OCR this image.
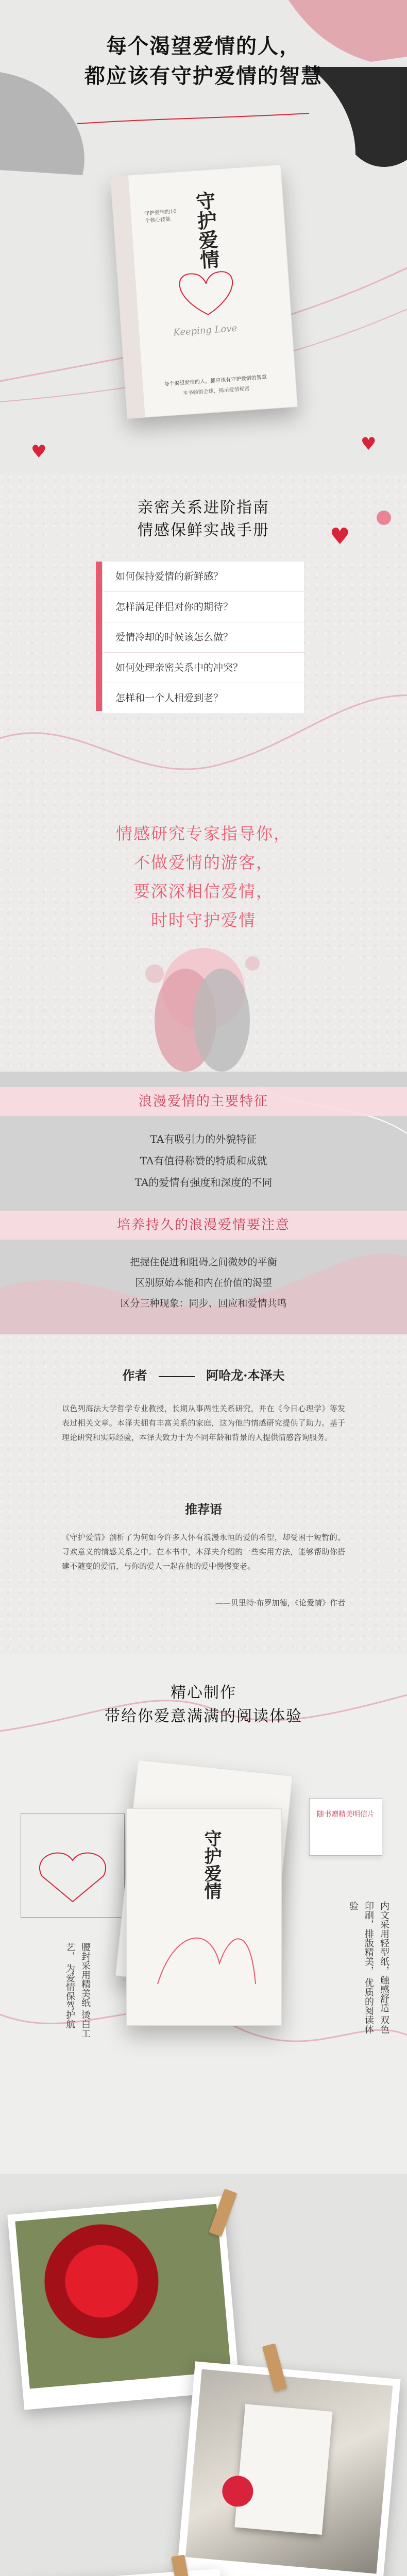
每个渴望爱情的人，
都应该有守护爱情的智慧
守护爱情
守护爱情的10个核心技能
Keeping Love
每个渴望爱情的人，都应该有守护爱情的智慧
本书畅销全球，揭示爱情秘密
♥	♥
亲密关系进阶指南
情感保鲜实战手册	♥
如何保持爱情的新鲜感？
怎样满足伴侣对你的期待？
爱情冷却的时候该怎么做？
如何处理亲密关系中的冲突？
怎样和一个人相爱到老？
情感研究专家指导你，
不做爱情的游客，
要深深相信爱情，
时时守护爱情
浪漫爱情的主要特征
TA有吸引力的外貌特征
TA有值得称赞的特质和成就
TA的爱情有强度和深度的不同
培养持久的浪漫爱情要注意
把握住促进和阻碍之间微妙的平衡
区别原始本能和内在价值的渴望
区分三种现象：同步、回应和爱情共鸣
作者	阿哈龙·本泽夫
以色列海法大学哲学专业教授，长期从事两性关系研究，并在《今日心理学》等发表过相关文章。本泽夫拥有丰富关系的家庭，这为他的情感研究提供了助力。基于理论研究和实际经验，本泽夫致力于为不同年龄和背景的人提供情感咨询服务。
推荐语
《守护爱情》剖析了为何如今许多人怀有浪漫永恒的爱的希望，却受困于短暂的、寻欢意义的情感关系之中。在本书中，本泽夫介绍的一些实用方法，能够帮助你搭建不随变的爱情，与你的爱人一起在他的爱中慢慢变老。
——贝里特·布罗加德，《论爱情》作者
精心制作
带给你爱意满满的阅读体验
腰封采用精美纸 烫白工艺， 为爱情保驾护航
守护爱情
随书赠精美明信片
内文采用轻型纸，触感舒适 双色印刷，排版精美， 优质的阅读体验
